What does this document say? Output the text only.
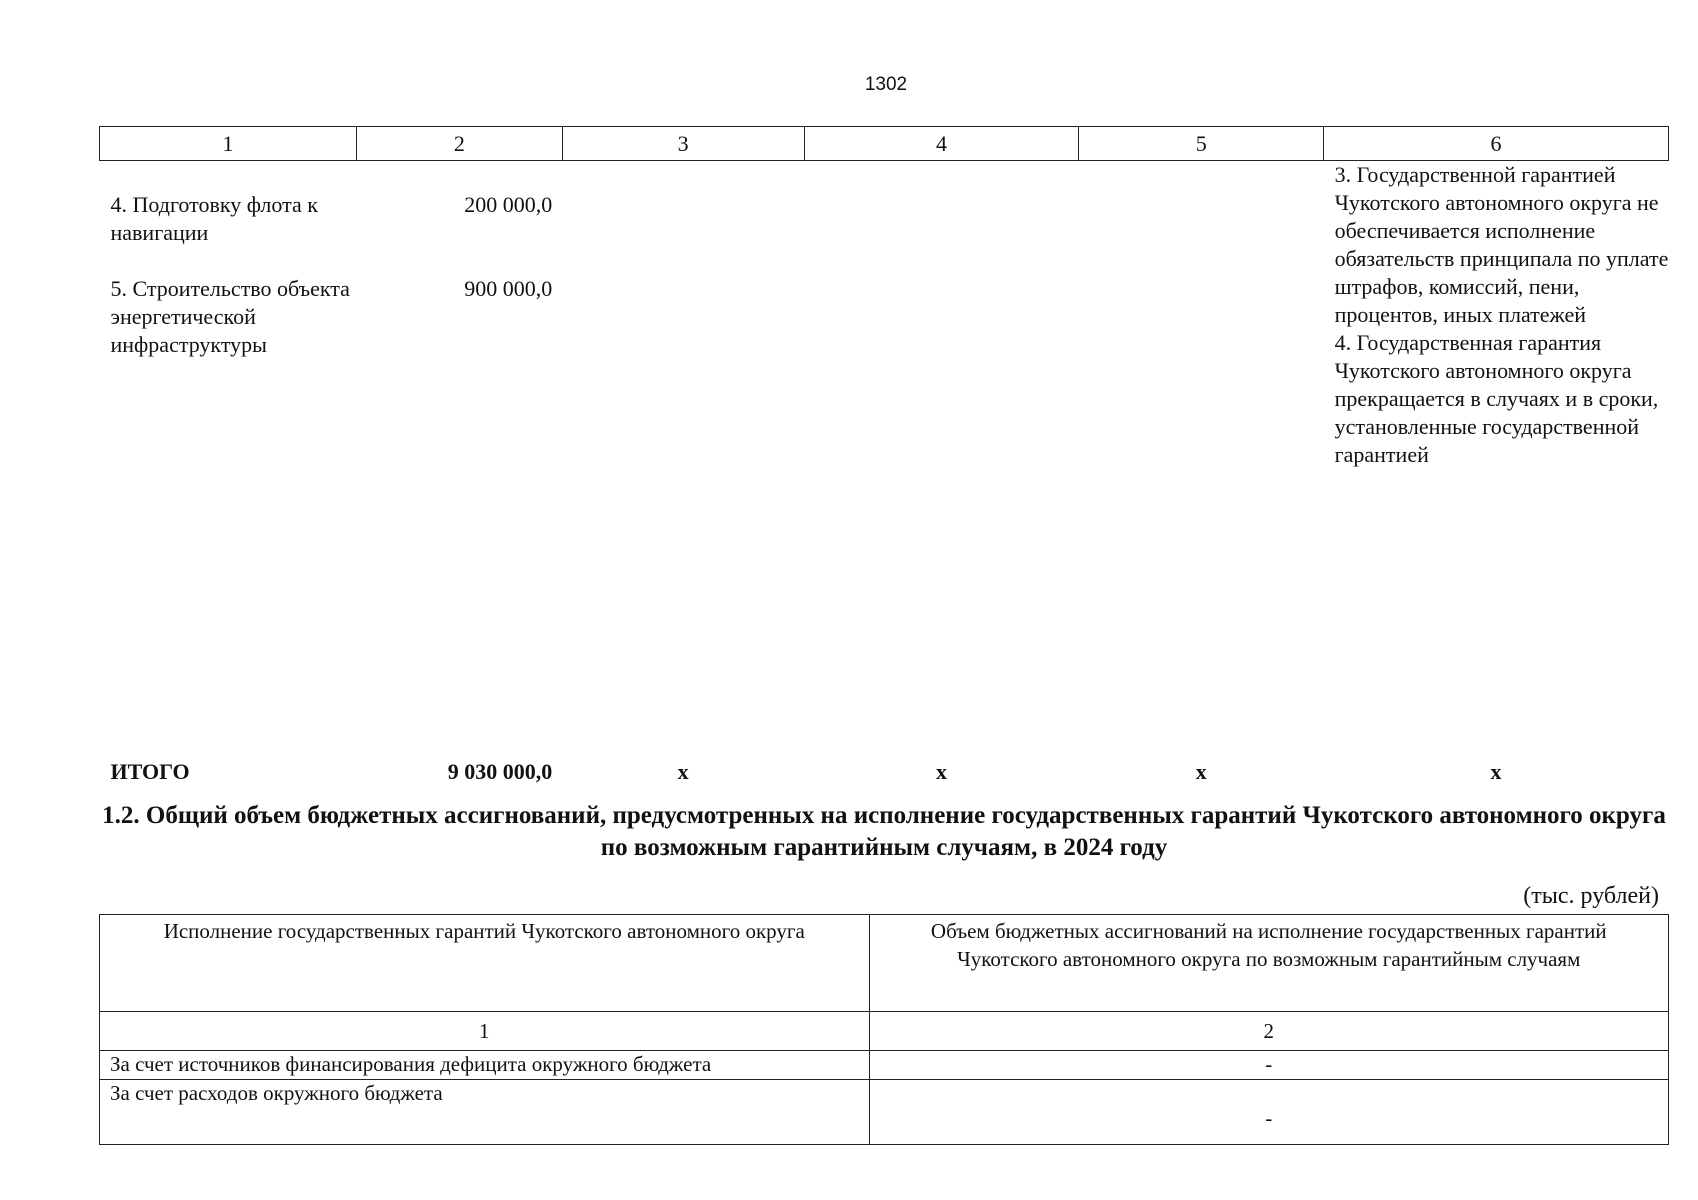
1302
1	2	3	4	5	6

					3. Государственной гарантией Чукотского автономного округа не обеспечивается исполнение обязательств принципала по уплате штрафов, комиссий, пени, процентов, иных платежей
4. Государственная гарантия Чукотского автономного округа прекращается в случаях и в сроки, установленные государственной гарантией

4. Подготовку флота к навигации	200 000,0				

5. Строительство объекта энергетической инфраструктуры	900 000,0				

ИТОГО	9 030 000,0	x	x	x	x
1.2. Общий объем бюджетных ассигнований, предусмотренных на исполнение государственных гарантий Чукотского автономного округа по возможным гарантийным случаям, в 2024 году
(тыс. рублей)
Исполнение государственных гарантий Чукотского автономного округа	Объем бюджетных ассигнований на исполнение государственных гарантий Чукотского автономного округа по возможным гарантийным случаям
1	2
За счет источников финансирования дефицита окружного бюджета	-
За счет расходов окружного бюджета	-
